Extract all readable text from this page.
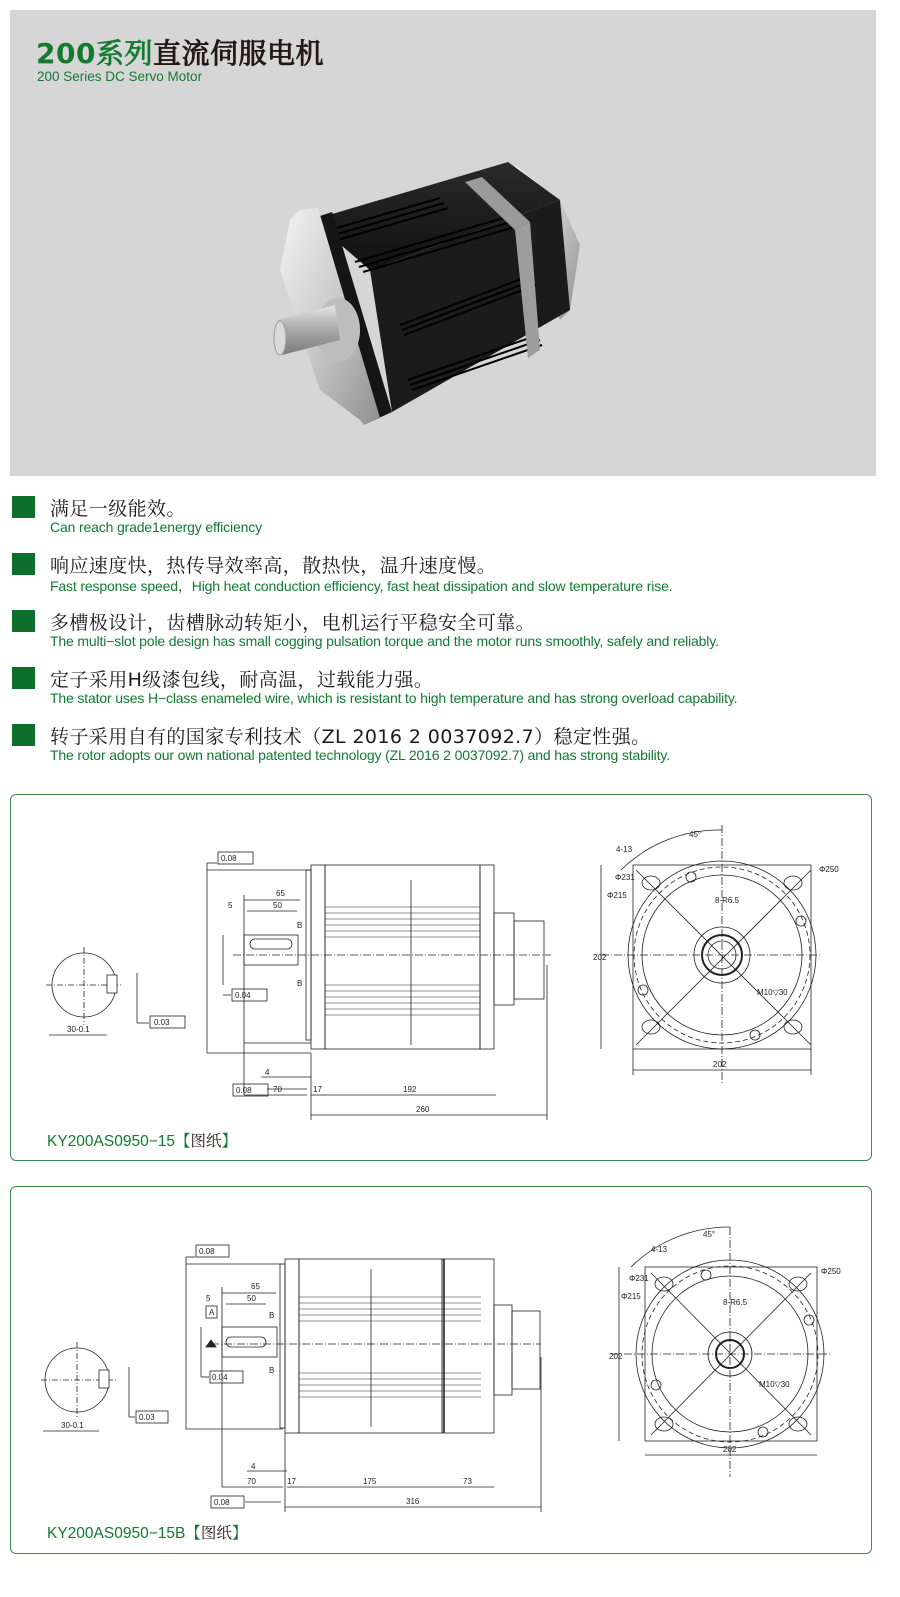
200系列直流伺服电机
200 Series DC Servo Motor
满足一级能效。
Can reach grade1energy efficiency
响应速度快，热传导效率高，散热快，温升速度慢。
Fast response speed，High heat conduction efficiency, fast heat dissipation and slow temperature rise.
多槽极设计，齿槽脉动转矩小，电机运行平稳安全可靠。
The multi−slot pole design has small cogging pulsation torque and the motor runs smoothly, safely and reliably.
定子采用H级漆包线，耐高温，过载能力强。
The stator uses H−class enameled wire, which is resistant to high temperature and has strong overload capability.
转子采用自有的国家专利技术（ZL 2016 2 0037092.7）稳定性强。
The rotor adopts our own national patented technology (ZL 2016 2 0037092.7) and has strong stability.
30-0.1
0.03
65
50
5
B
B
0.04
0.08
0.08
4
70	17	192
260
4-13
45°
Φ231
Φ215
Φ250
8-R6.5
M10▽30
202
202
KY200AS0950−15【图纸】
30-0.1
0.03
A
65
50
5
B
B
0.04
0.08
0.08
4
70	17	175	73
316
4-13
45°
Φ231
Φ215
Φ250
8-R6.5
M10▽30
202
202
KY200AS0950−15B【图纸】
